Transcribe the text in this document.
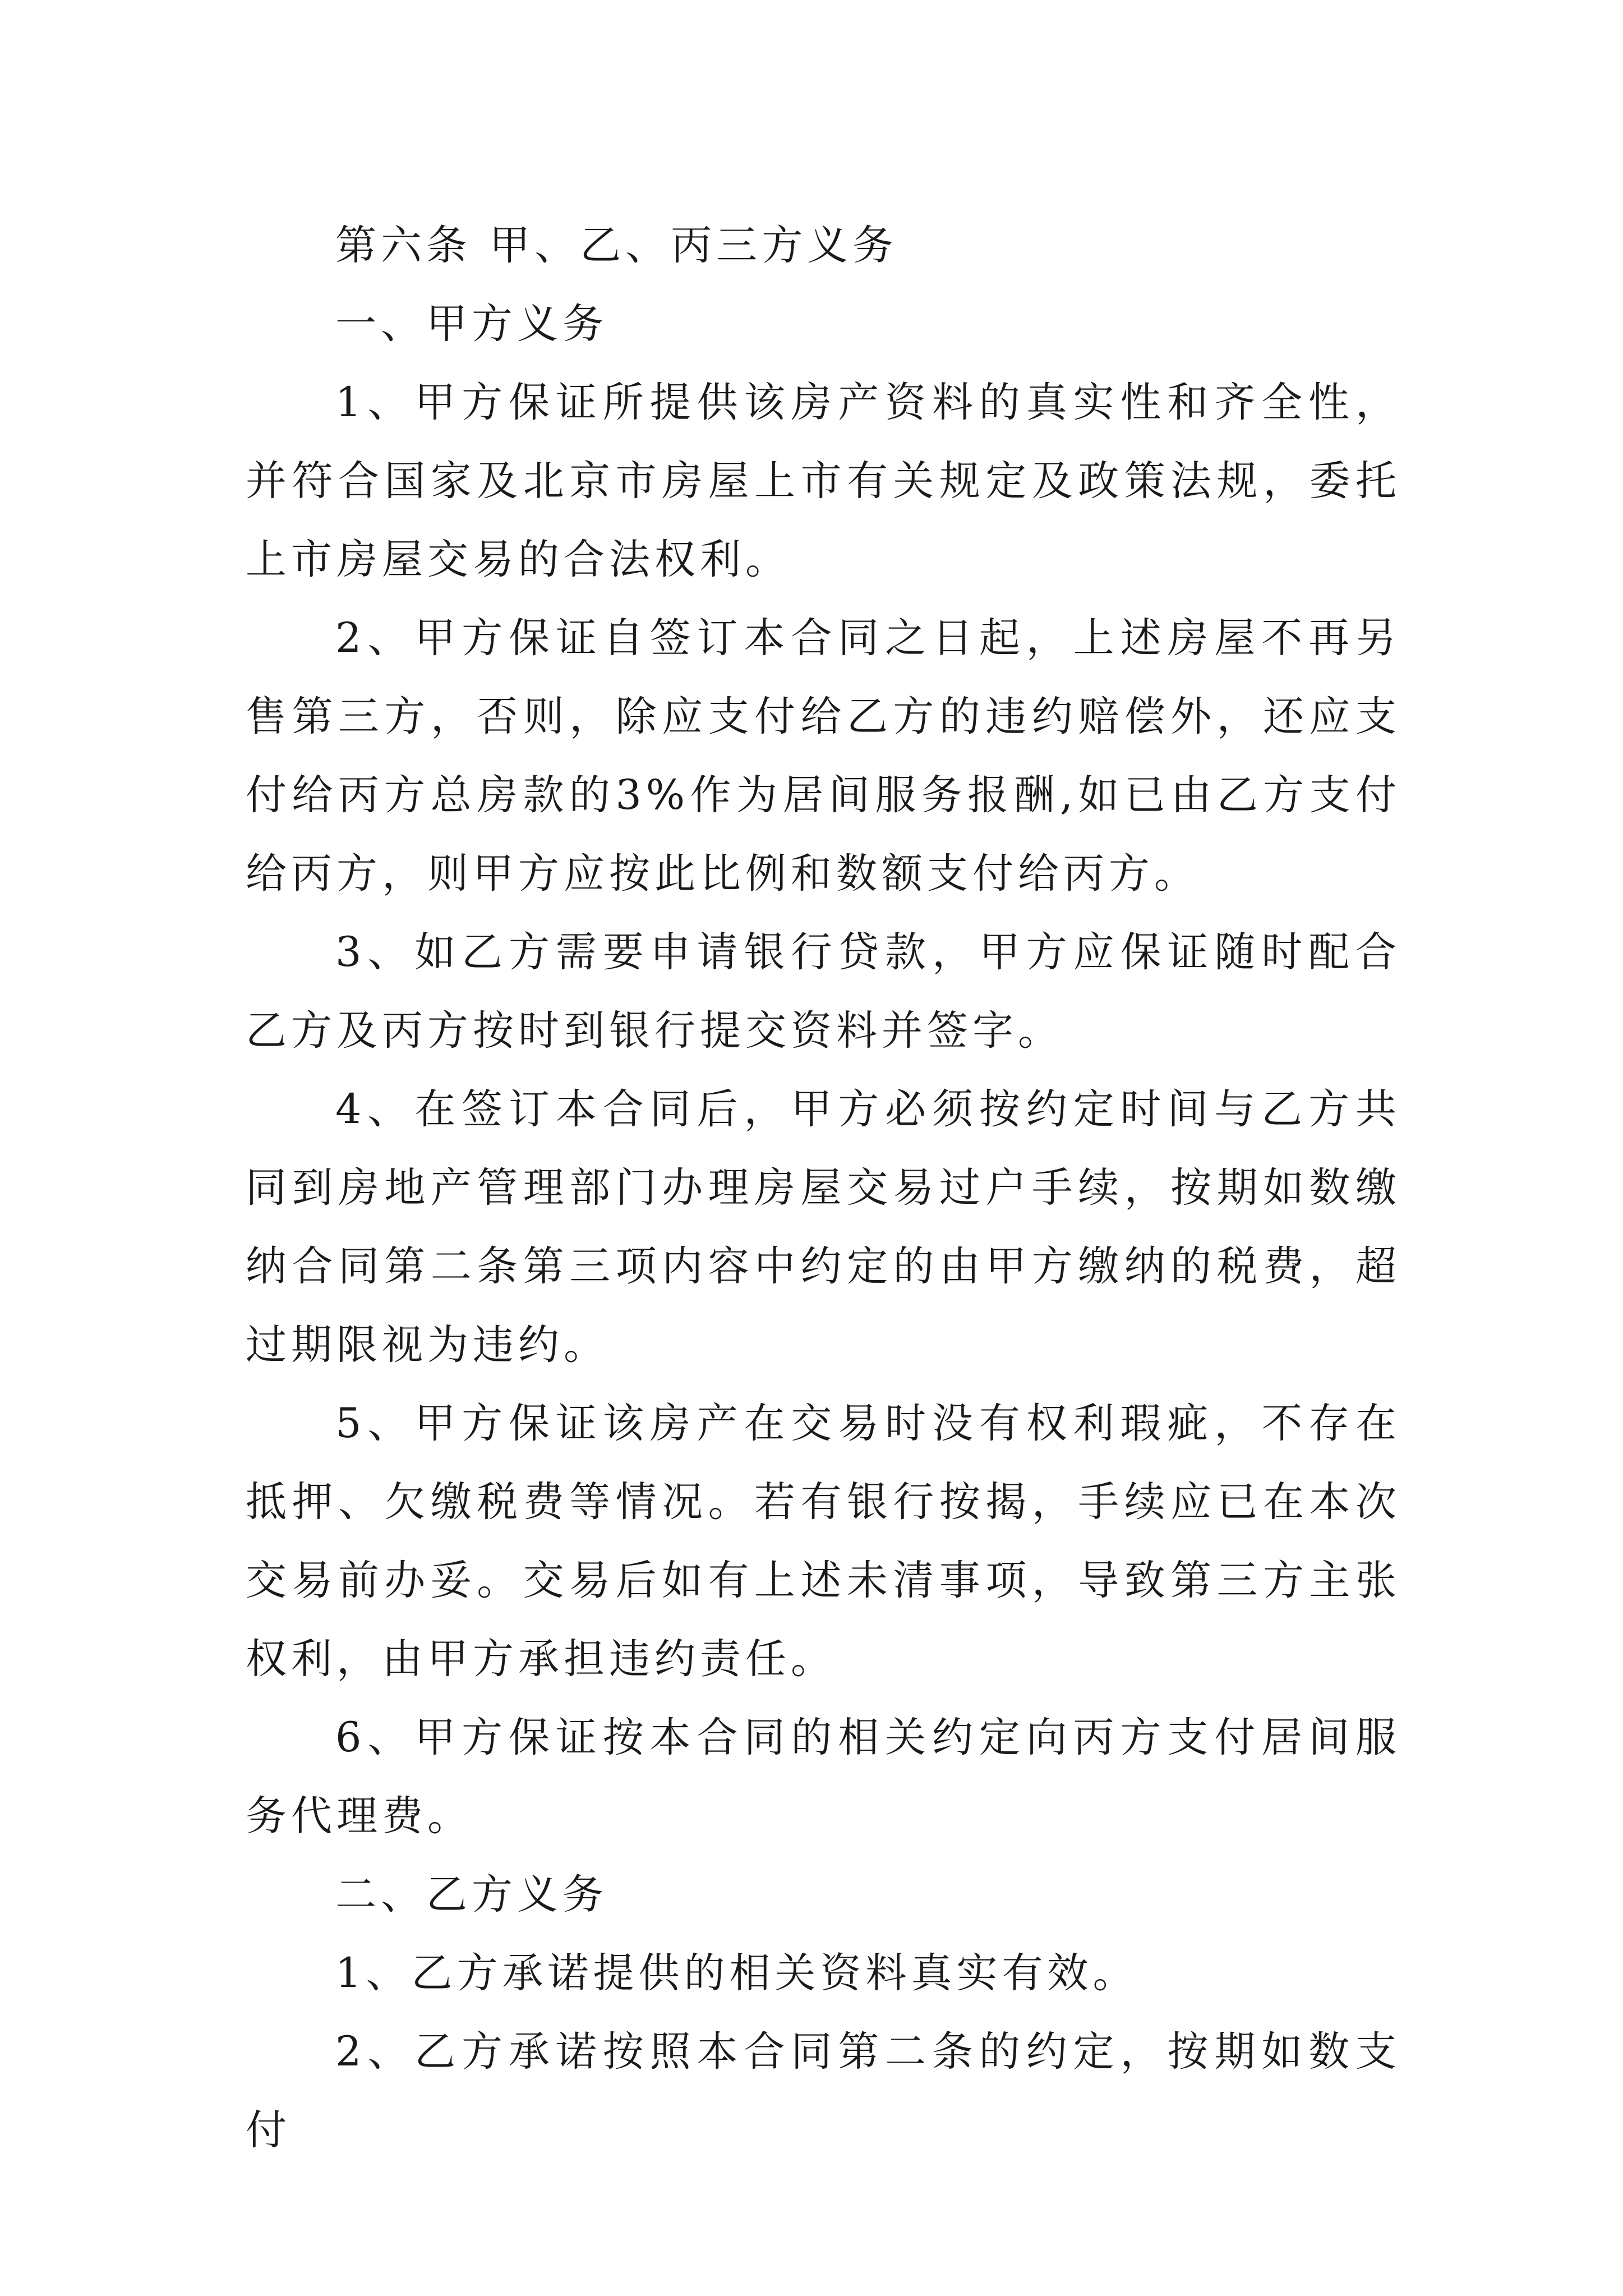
第六条 甲、乙、丙三方义务

一、甲方义务

1、甲方保证所提供该房产资料的真实性和齐全性，并符合国家及北京市房屋上市有关规定及政策法规，委托上市房屋交易的合法权利。

2、甲方保证自签订本合同之日起，上述房屋不再另售第三方，否则，除应支付给乙方的违约赔偿外，还应支付给丙方总房款的3%作为居间服务报酬,如已由乙方支付给丙方，则甲方应按此比例和数额支付给丙方。

3、如乙方需要申请银行贷款，甲方应保证随时配合乙方及丙方按时到银行提交资料并签字。

4、在签订本合同后，甲方必须按约定时间与乙方共同到房地产管理部门办理房屋交易过户手续，按期如数缴纳合同第二条第三项内容中约定的由甲方缴纳的税费，超过期限视为违约。

5、甲方保证该房产在交易时没有权利瑕疵，不存在抵押、欠缴税费等情况。若有银行按揭，手续应已在本次交易前办妥。交易后如有上述未清事项，导致第三方主张权利，由甲方承担违约责任。

6、甲方保证按本合同的相关约定向丙方支付居间服务代理费。

二、乙方义务

1、乙方承诺提供的相关资料真实有效。

2、乙方承诺按照本合同第二条的约定，按期如数支付
